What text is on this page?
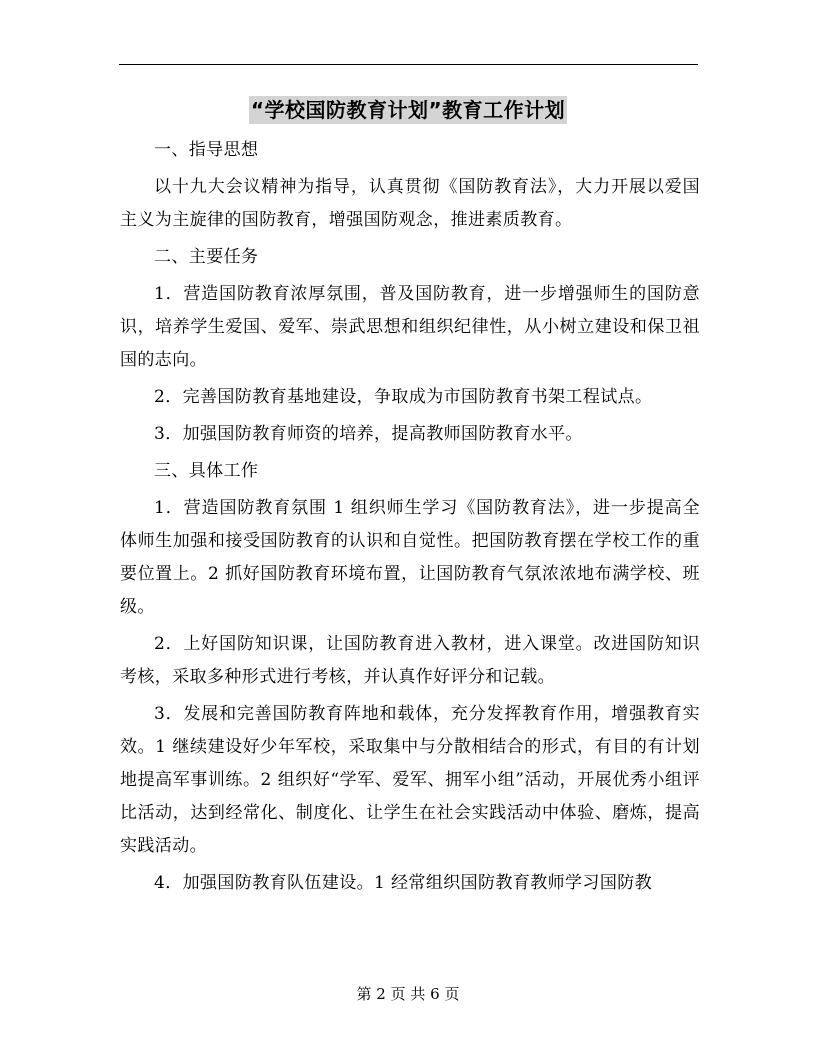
“学校国防教育计划”教育工作计划

一、指导思想

以十九大会议精神为指导，认真贯彻《国防教育法》，大力开展以爱国主义为主旋律的国防教育，增强国防观念，推进素质教育。

二、主要任务

1．营造国防教育浓厚氛围，普及国防教育，进一步增强师生的国防意识，培养学生爱国、爱军、崇武思想和组织纪律性，从小树立建设和保卫祖国的志向。

2．完善国防教育基地建设，争取成为市国防教育书架工程试点。

3．加强国防教育师资的培养，提高教师国防教育水平。

三、具体工作

1．营造国防教育氛围 1 组织师生学习《国防教育法》，进一步提高全体师生加强和接受国防教育的认识和自觉性。把国防教育摆在学校工作的重要位置上。2 抓好国防教育环境布置，让国防教育气氛浓浓地布满学校、班级。

2．上好国防知识课，让国防教育进入教材，进入课堂。改进国防知识考核，采取多种形式进行考核，并认真作好评分和记载。

3．发展和完善国防教育阵地和载体，充分发挥教育作用，增强教育实效。1 继续建设好少年军校，采取集中与分散相结合的形式，有目的有计划地提高军事训练。2 组织好“学军、爱军、拥军小组”活动，开展优秀小组评比活动，达到经常化、制度化、让学生在社会实践活动中体验、磨炼，提高实践活动。

4．加强国防教育队伍建设。1 经常组织国防教育教师学习国防教

第 2 页 共 6 页
